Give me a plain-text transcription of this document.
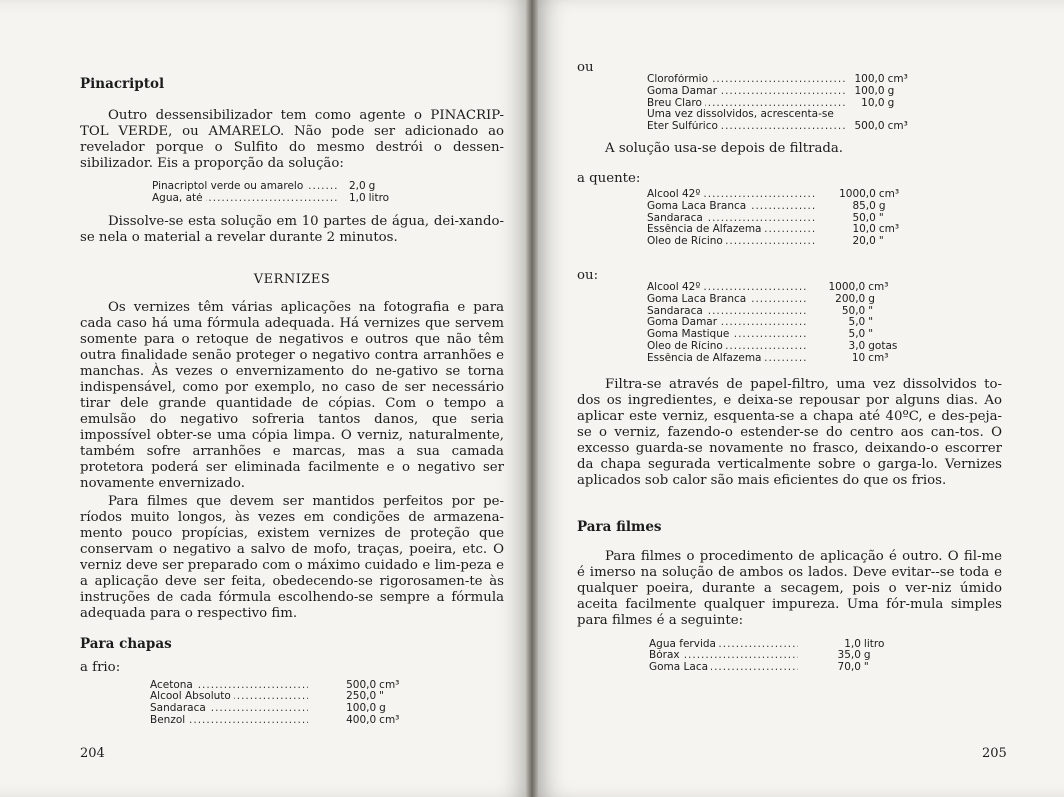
Pinacriptol

Outro dessensibilizador tem como agente o PINACRIP-TOL VERDE, ou AMARELO. Não pode ser adicionado ao revelador porque o Sulfito do mesmo destrói o dessen-sibilizador. Eis a proporção da solução:

Pinacriptol verde ou amarelo .....	2,0	g
Água, até .....	1,0	litro

Dissolve-se esta solução em 10 partes de água, dei-xando-se nela o material a revelar durante 2 minutos.

VERNIZES

Os vernizes têm várias aplicações na fotografia e para cada caso há uma fórmula adequada. Há vernizes que servem somente para o retoque de negativos e outros que não têm outra finalidade senão proteger o negativo contra arranhões e manchas. Às vezes o envernizamento do ne-gativo se torna indispensável, como por exemplo, no caso de ser necessário tirar dele grande quantidade de cópias. Com o tempo a emulsão do negativo sofreria tantos danos, que seria impossível obter-se uma cópia limpa. O verniz, naturalmente, também sofre arranhões e marcas, mas a sua camada protetora poderá ser eliminada facilmente e o negativo ser novamente envernizado.

Para filmes que devem ser mantidos perfeitos por pe-ríodos muito longos, às vezes em condições de armazena-mento pouco propícias, existem vernizes de proteção que conservam o negativo a salvo de mofo, traças, poeira, etc. O verniz deve ser preparado com o máximo cuidado e lim-peza e a aplicação deve ser feita, obedecendo-se rigorosamen-te às instruções de cada fórmula escolhendo-se sempre a fórmula adequada para o respectivo fim.

Para chapas

a frio:

Acetona .....	500,0	cm³
Álcool Absoluto .....	250,0	"
Sandaraca .....	100,0	g
Benzol .....	400,0	cm³
204

ou

Clorofórmio .....	100,0	cm³
Goma Damar .....	100,0	g
Breu Claro .....	10,0	g
Uma vez dissolvidos, acrescenta-se		
Éter Sulfúrico .....	500,0	cm³

A solução usa-se depois de filtrada.

a quente:

Álcool 42º .....	1000,0	cm³
Goma Laca Branca .....	85,0	g
Sandaraca .....	50,0	"
Essência de Alfazema .....	10,0	cm³
Óleo de Rícino .....	20,0	"

ou:

Álcool 42º .....	1000,0	cm³
Goma Laca Branca .....	200,0	g
Sandaraca .....	50,0	"
Goma Damar .....	5,0	"
Goma Mastique .....	5,0	"
Óleo de Rícino .....	3,0	gotas
Essência de Alfazema .....	10	cm³

Filtra-se através de papel-filtro, uma vez dissolvidos to-dos os ingredientes, e deixa-se repousar por alguns dias. Ao aplicar este verniz, esquenta-se a chapa até 40ºC, e des-peja-se o verniz, fazendo-o estender-se do centro aos can-tos. O excesso guarda-se novamente no frasco, deixando-o escorrer da chapa segurada verticalmente sobre o garga-lo. Vernizes aplicados sob calor são mais eficientes do que os frios.

Para filmes

Para filmes o procedimento de aplicação é outro. O fil-me é imerso na solução de ambos os lados. Deve evitar--se toda e qualquer poeira, durante a secagem, pois o ver-niz úmido aceita facilmente qualquer impureza. Uma fór-mula simples para filmes é a seguinte:

Água fervida .....	1,0	litro
Bórax .....	35,0	g
Goma Laca .....	70,0	"
205
